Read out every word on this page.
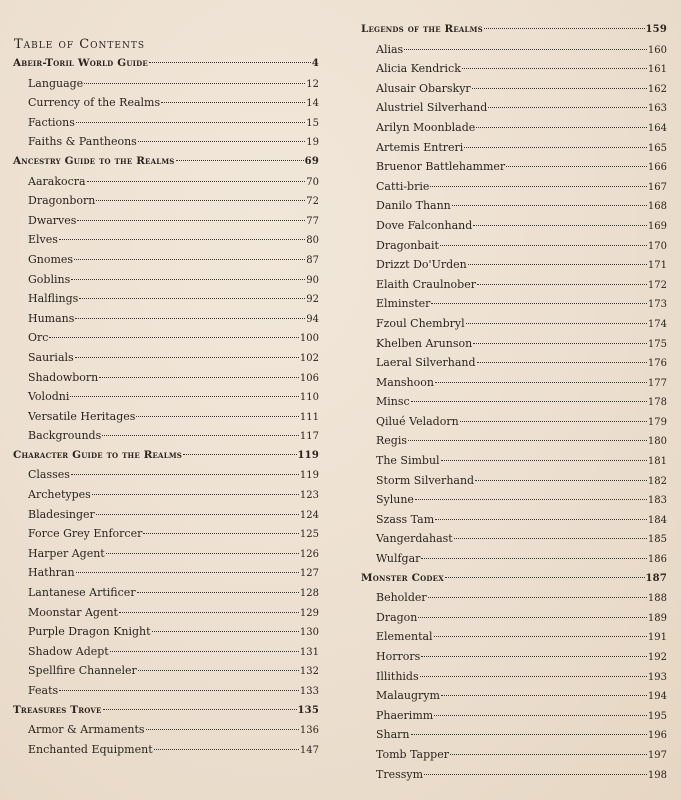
Table of Contents
Abeir-Toril World Guide	4
Language	12
Currency of the Realms	14
Factions	15
Faiths & Pantheons	19
Ancestry Guide to the Realms	69
Aarakocra	70
Dragonborn	72
Dwarves	77
Elves	80
Gnomes	87
Goblins	90
Halflings	92
Humans	94
Orc	100
Saurials	102
Shadowborn	106
Volodni	110
Versatile Heritages	111
Backgrounds	117
Character Guide to the Realms	119
Classes	119
Archetypes	123
Bladesinger	124
Force Grey Enforcer	125
Harper Agent	126
Hathran	127
Lantanese Artificer	128
Moonstar Agent	129
Purple Dragon Knight	130
Shadow Adept	131
Spellfire Channeler	132
Feats	133
Treasures Trove	135
Armor & Armaments	136
Enchanted Equipment	147
Legends of the Realms	159
Alias	160
Alicia Kendrick	161
Alusair Obarskyr	162
Alustriel Silverhand	163
Arilyn Moonblade	164
Artemis Entreri	165
Bruenor Battlehammer	166
Catti-brie	167
Danilo Thann	168
Dove Falconhand	169
Dragonbait	170
Drizzt Do'Urden	171
Elaith Craulnober	172
Elminster	173
Fzoul Chembryl	174
Khelben Arunson	175
Laeral Silverhand	176
Manshoon	177
Minsc	178
Qilué Veladorn	179
Regis	180
The Simbul	181
Storm Silverhand	182
Sylune	183
Szass Tam	184
Vangerdahast	185
Wulfgar	186
Monster Codex	187
Beholder	188
Dragon	189
Elemental	191
Horrors	192
Illithids	193
Malaugrym	194
Phaerimm	195
Sharn	196
Tomb Tapper	197
Tressym	198
